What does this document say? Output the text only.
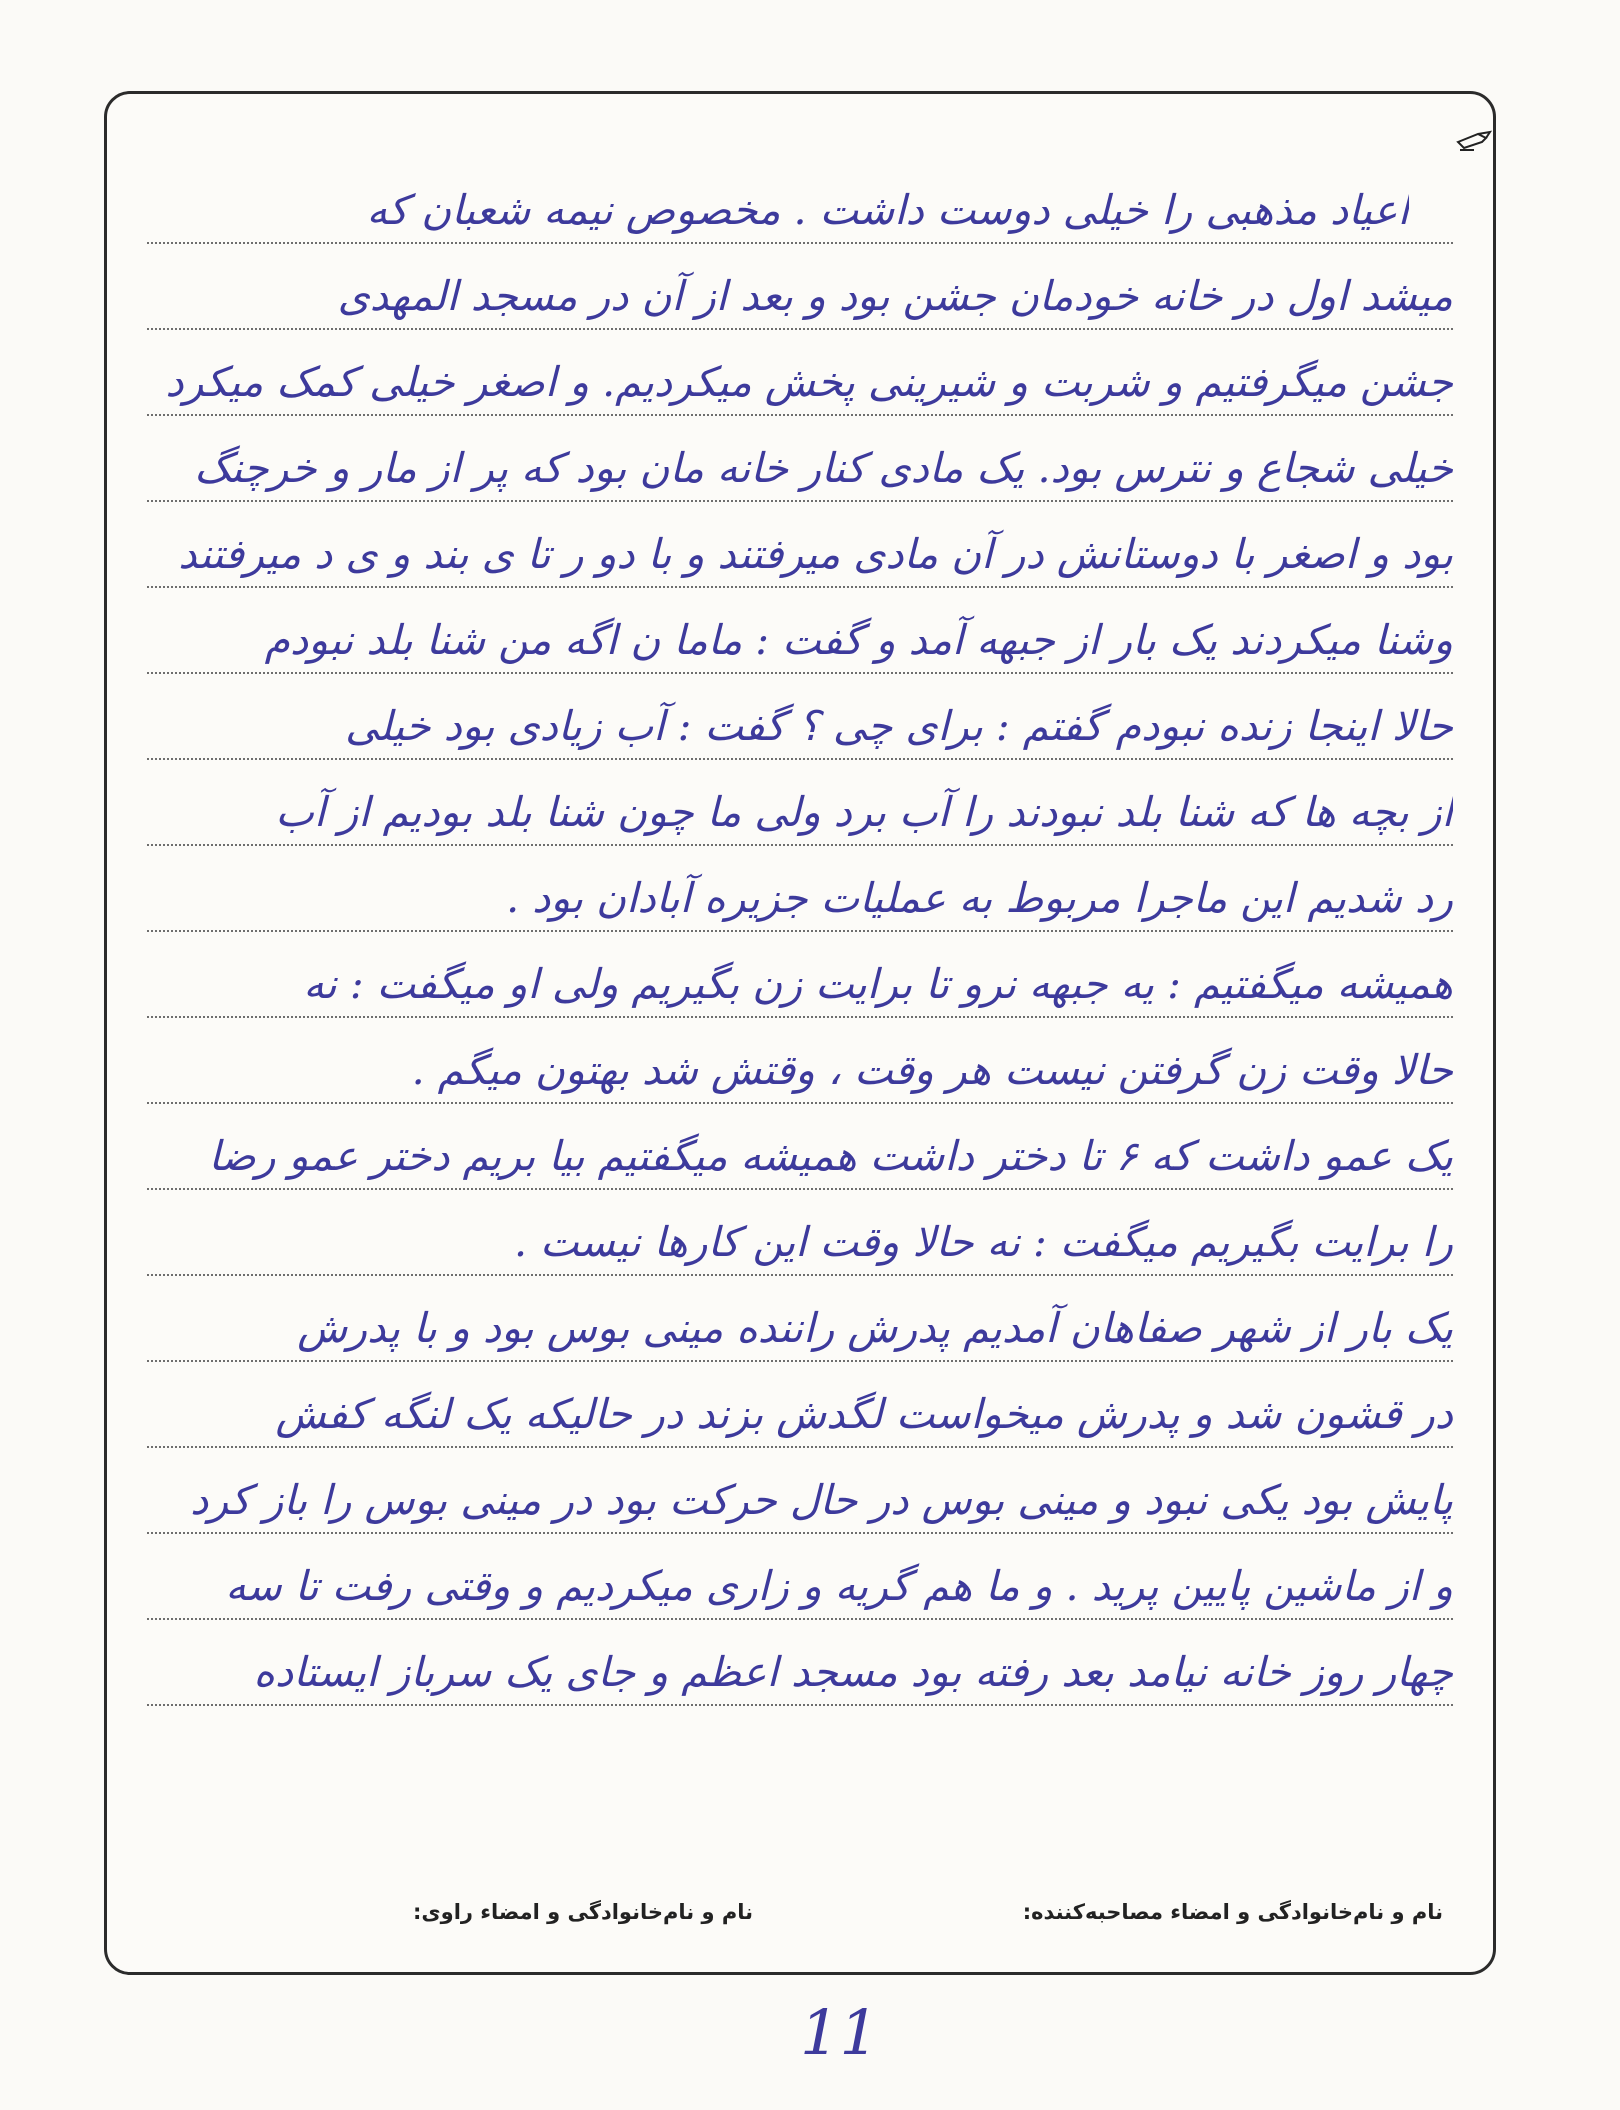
اعیاد مذهبی را خیلی دوست داشت . مخصوص نیمه شعبان که
میشد اول در خانه خودمان جشن بود و بعد از آن در مسجد المهدی
جشن میگرفتیم و شربت و شیرینی پخش میکردیم. و اصغر خیلی کمک میکرد
خیلی شجاع و نترس بود. یک مادی کنار خانه مان بود که پر از مار و خرچنگ
بود و اصغر با دوستانش در آن مادی میرفتند و با دو ر تا ی بند و ی د میرفتند
وشنا میکردند یک بار از جبهه آمد و گفت : ماما ن اگه من شنا بلد نبودم
حالا اینجا زنده نبودم گفتم : برای چی ؟ گفت : آب زیادی بود خیلی
از بچه ها که شنا بلد نبودند را آب برد ولی ما چون شنا بلد بودیم از آب
رد شدیم این ماجرا مربوط به عملیات جزیره آبادان بود .
همیشه میگفتیم : یه جبهه نرو تا برایت زن بگیریم ولی او میگفت : نه
حالا وقت زن گرفتن نیست هر وقت ، وقتش شد بهتون میگم .
یک عمو داشت که ۶ تا دختر داشت همیشه میگفتیم بیا بریم دختر عمو رضا
را برایت بگیریم میگفت : نه حالا وقت این کارها نیست .
یک بار از شهر صفاهان آمدیم پدرش راننده مینی بوس بود و با پدرش
در قشون شد و پدرش میخواست لگدش بزند در حالیکه یک لنگه کفش
پایش بود یکی نبود و مینی بوس در حال حرکت بود در مینی بوس را باز کرد
و از ماشین پایین پرید . و ما هم گریه و زاری میکردیم و وقتی رفت تا سه
چهار روز خانه نیامد بعد رفته بود مسجد اعظم و جای یک سرباز ایستاده
نام و نام‌خانوادگی و امضاء مصاحبه‌کننده:
نام و نام‌خانوادگی و امضاء راوی:
11
